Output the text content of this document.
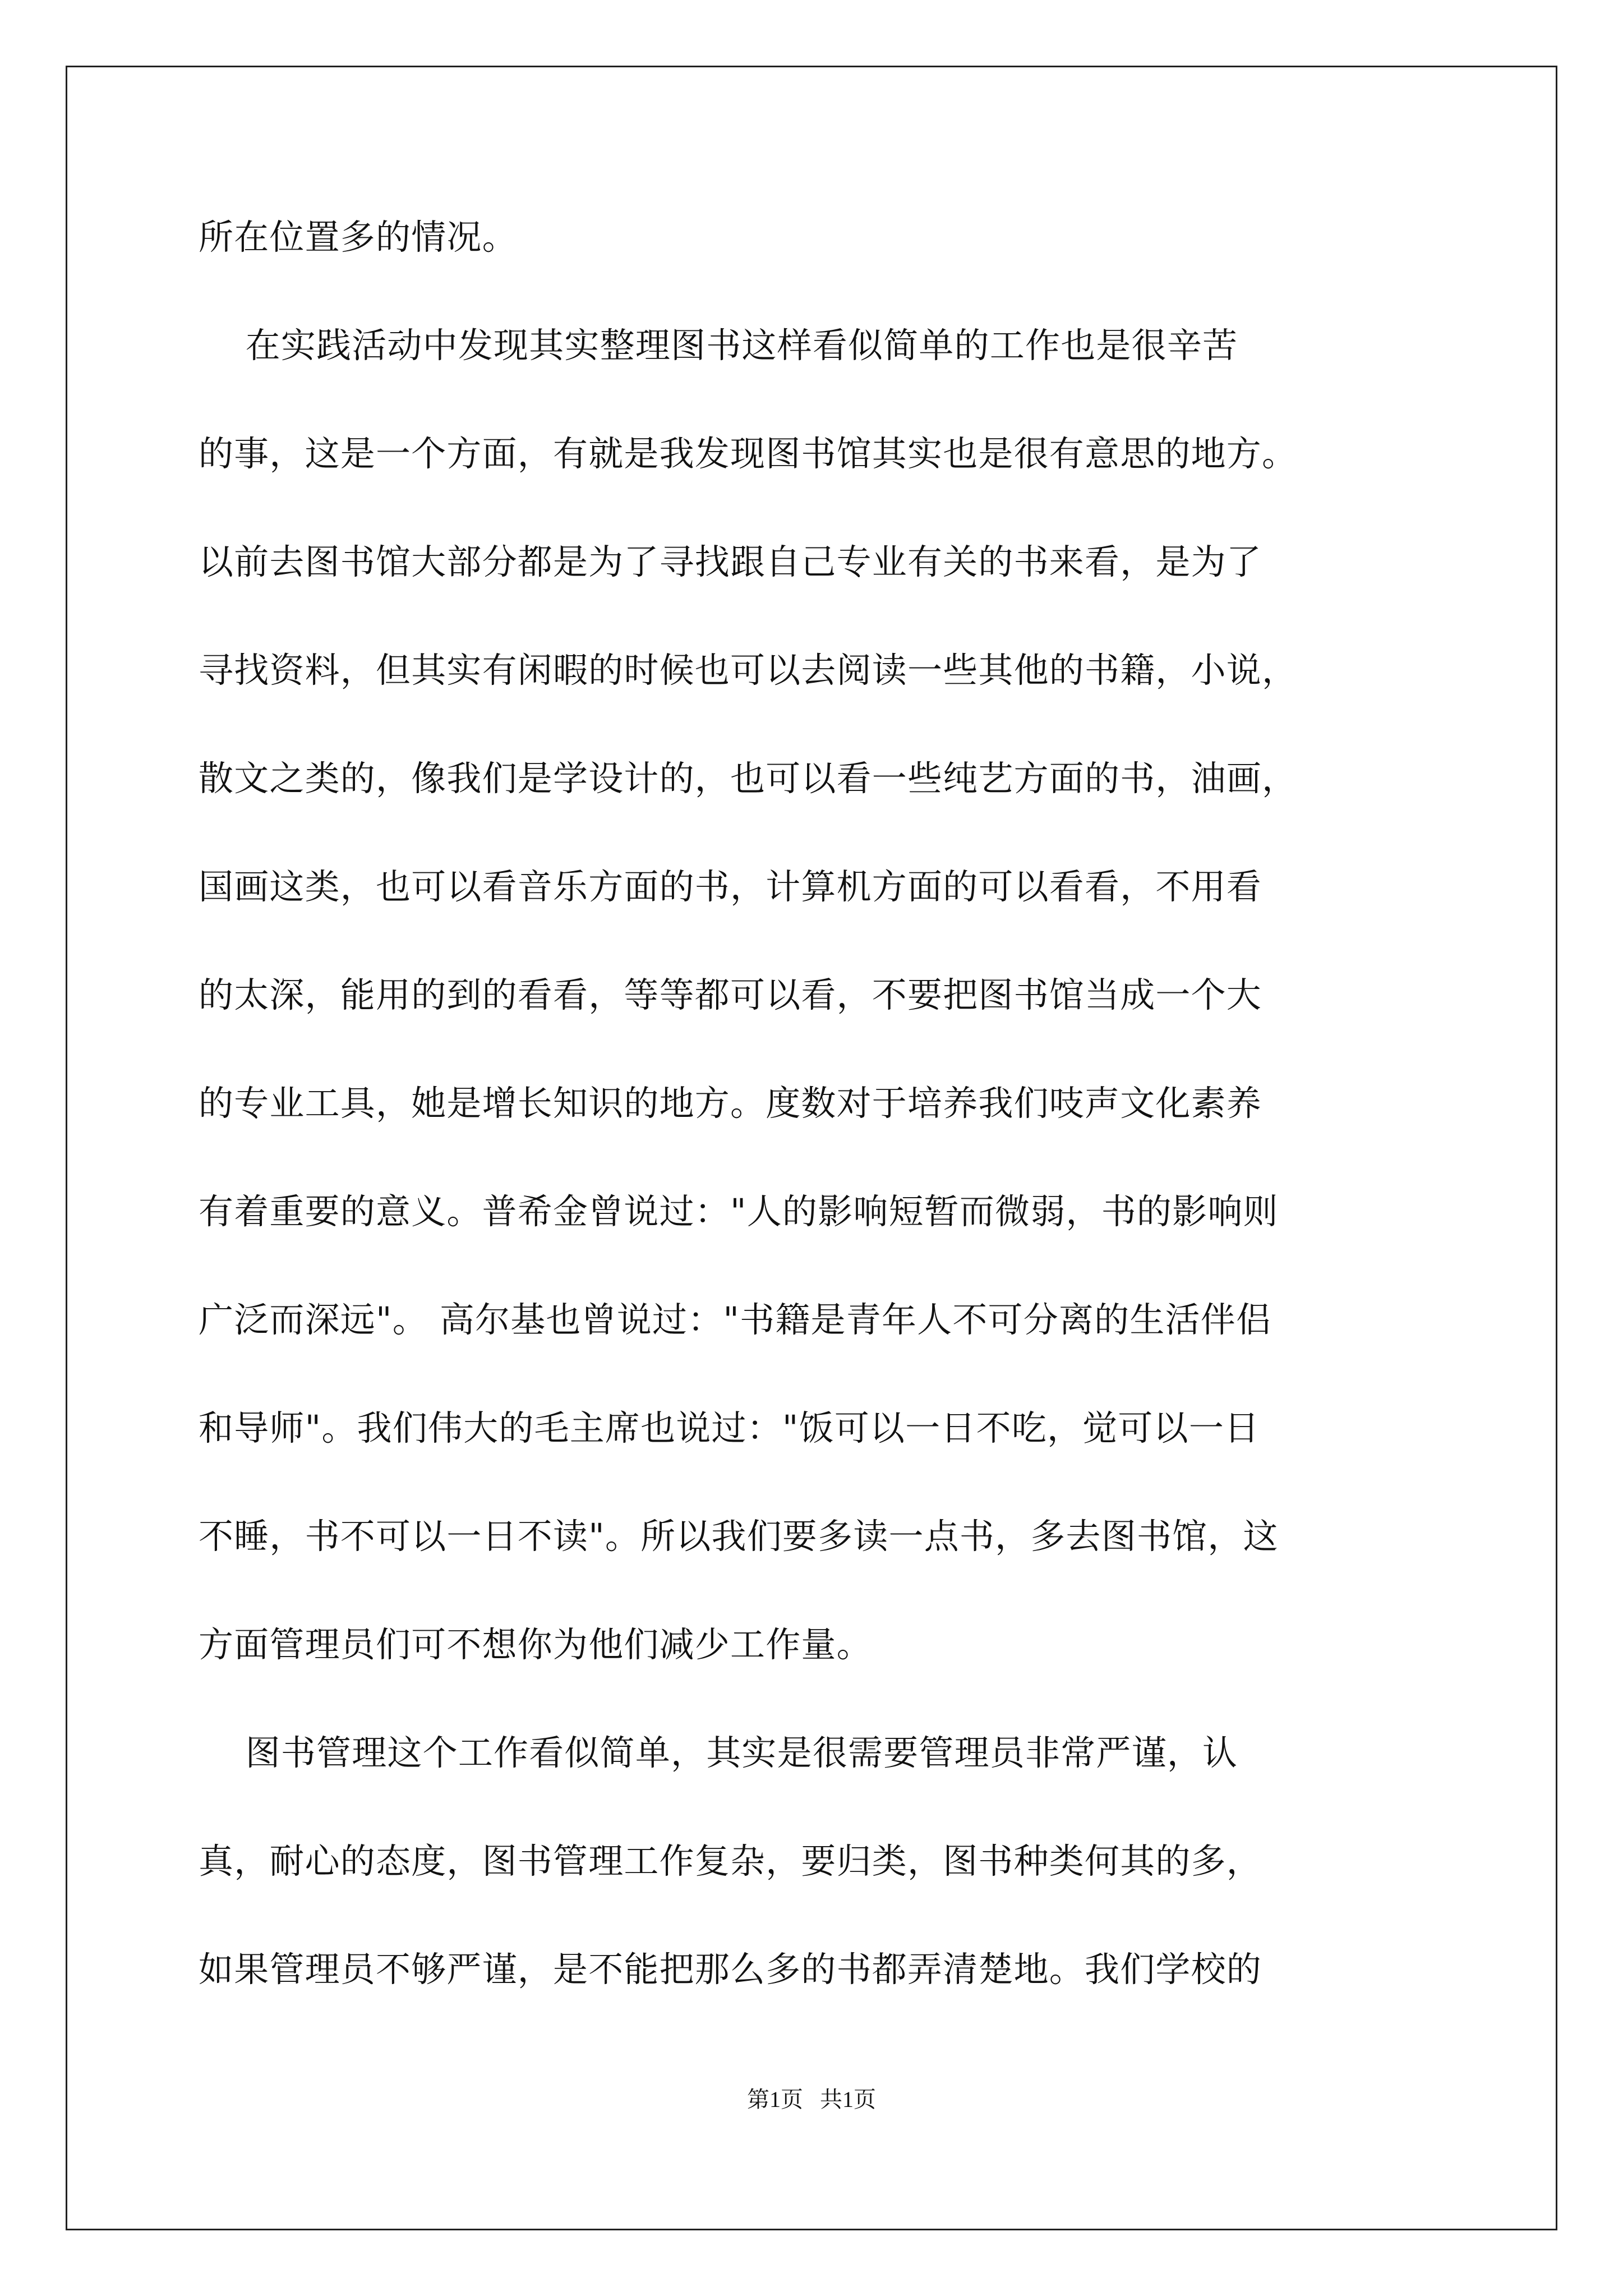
所在位置多的情况。
在实践活动中发现其实整理图书这样看似简单的工作也是很辛苦
的事，这是一个方面，有就是我发现图书馆其实也是很有意思的地方。
以前去图书馆大部分都是为了寻找跟自己专业有关的书来看，是为了
寻找资料，但其实有闲暇的时候也可以去阅读一些其他的书籍，小说，
散文之类的，像我们是学设计的，也可以看一些纯艺方面的书，油画，
国画这类，也可以看音乐方面的书，计算机方面的可以看看，不用看
的太深，能用的到的看看，等等都可以看，不要把图书馆当成一个大
的专业工具，她是增长知识的地方。度数对于培养我们吱声文化素养
有着重要的意义。普希金曾说过："人的影响短暂而微弱，书的影响则
广泛而深远"。 高尔基也曾说过："书籍是青年人不可分离的生活伴侣
和导师"。我们伟大的毛主席也说过："饭可以一日不吃，觉可以一日
不睡，书不可以一日不读"。所以我们要多读一点书，多去图书馆，这
方面管理员们可不想你为他们减少工作量。
图书管理这个工作看似简单，其实是很需要管理员非常严谨，认
真，耐心的态度，图书管理工作复杂，要归类，图书种类何其的多，
如果管理员不够严谨，是不能把那么多的书都弄清楚地。我们学校的
第1页   共1页
